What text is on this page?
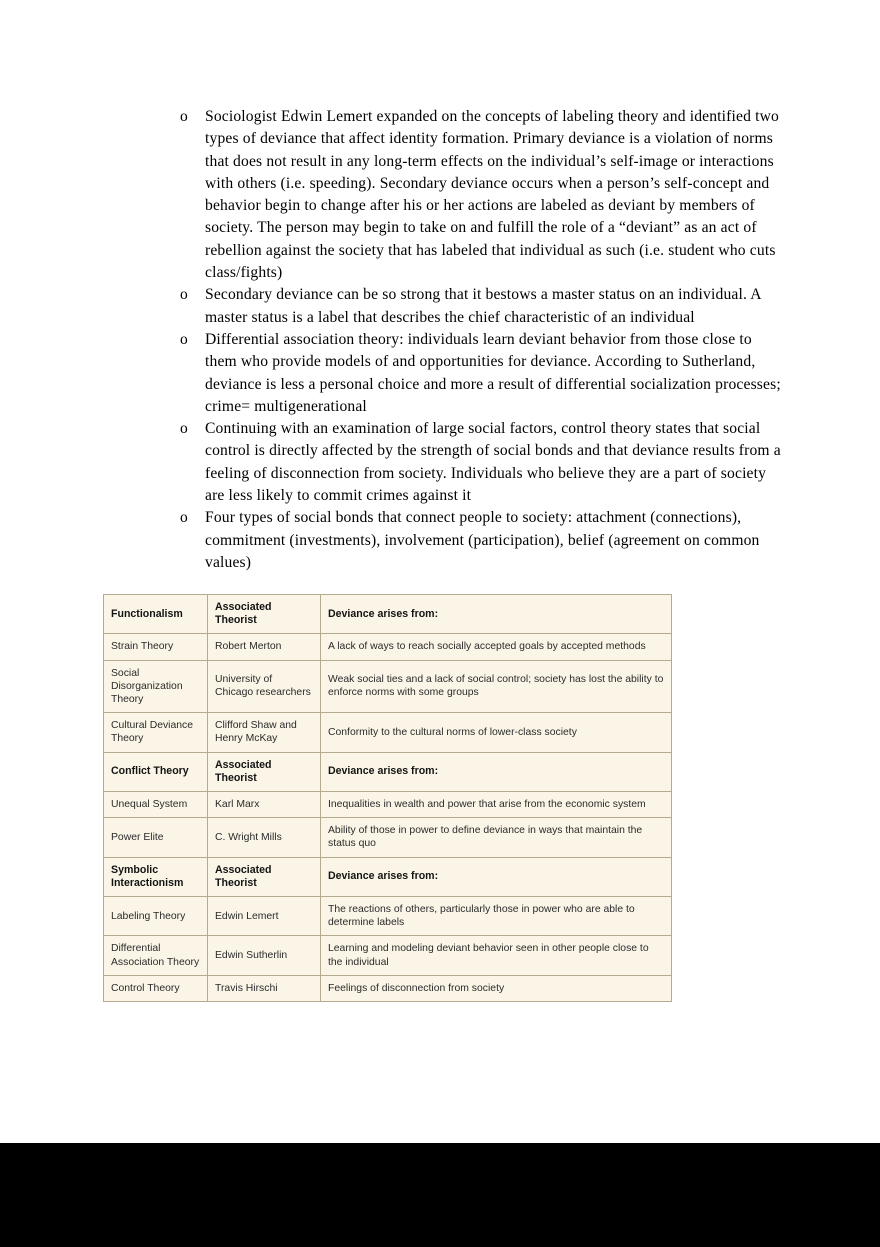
o	Sociologist Edwin Lemert expanded on the concepts of labeling theory and identified two types of deviance that affect identity formation. Primary deviance is a violation of norms that does not result in any long-term effects on the individual’s self-image or interactions with others (i.e. speeding). Secondary deviance occurs when a person’s self-concept and behavior begin to change after his or her actions are labeled as deviant by members of society. The person may begin to take on and fulfill the role of a “deviant” as an act of rebellion against the society that has labeled that individual as such (i.e. student who cuts class/fights)
o	Secondary deviance can be so strong that it bestows a master status on an individual. A master status is a label that describes the chief characteristic of an individual
o	Differential association theory: individuals learn deviant behavior from those close to them who provide models of and opportunities for deviance. According to Sutherland, deviance is less a personal choice and more a result of differential socialization processes; crime= multigenerational
o	Continuing with an examination of large social factors, control theory states that social control is directly affected by the strength of social bonds and that deviance results from a feeling of disconnection from society. Individuals who believe they are a part of society are less likely to commit crimes against it
o	Four types of social bonds that connect people to society: attachment (connections), commitment (investments), involvement (participation), belief (agreement on common values)
Functionalism	Associated Theorist	Deviance arises from:
Strain Theory	Robert Merton	A lack of ways to reach socially accepted goals by accepted methods
Social Disorganization Theory	University of Chicago researchers	Weak social ties and a lack of social control; society has lost the ability to enforce norms with some groups
Cultural Deviance Theory	Clifford Shaw and Henry McKay	Conformity to the cultural norms of lower-class society
Conflict Theory	Associated Theorist	Deviance arises from:
Unequal System	Karl Marx	Inequalities in wealth and power that arise from the economic system
Power Elite	C. Wright Mills	Ability of those in power to define deviance in ways that maintain the status quo
Symbolic Interactionism	Associated Theorist	Deviance arises from:
Labeling Theory	Edwin Lemert	The reactions of others, particularly those in power who are able to determine labels
Differential Association Theory	Edwin Sutherlin	Learning and modeling deviant behavior seen in other people close to the individual
Control Theory	Travis Hirschi	Feelings of disconnection from society
